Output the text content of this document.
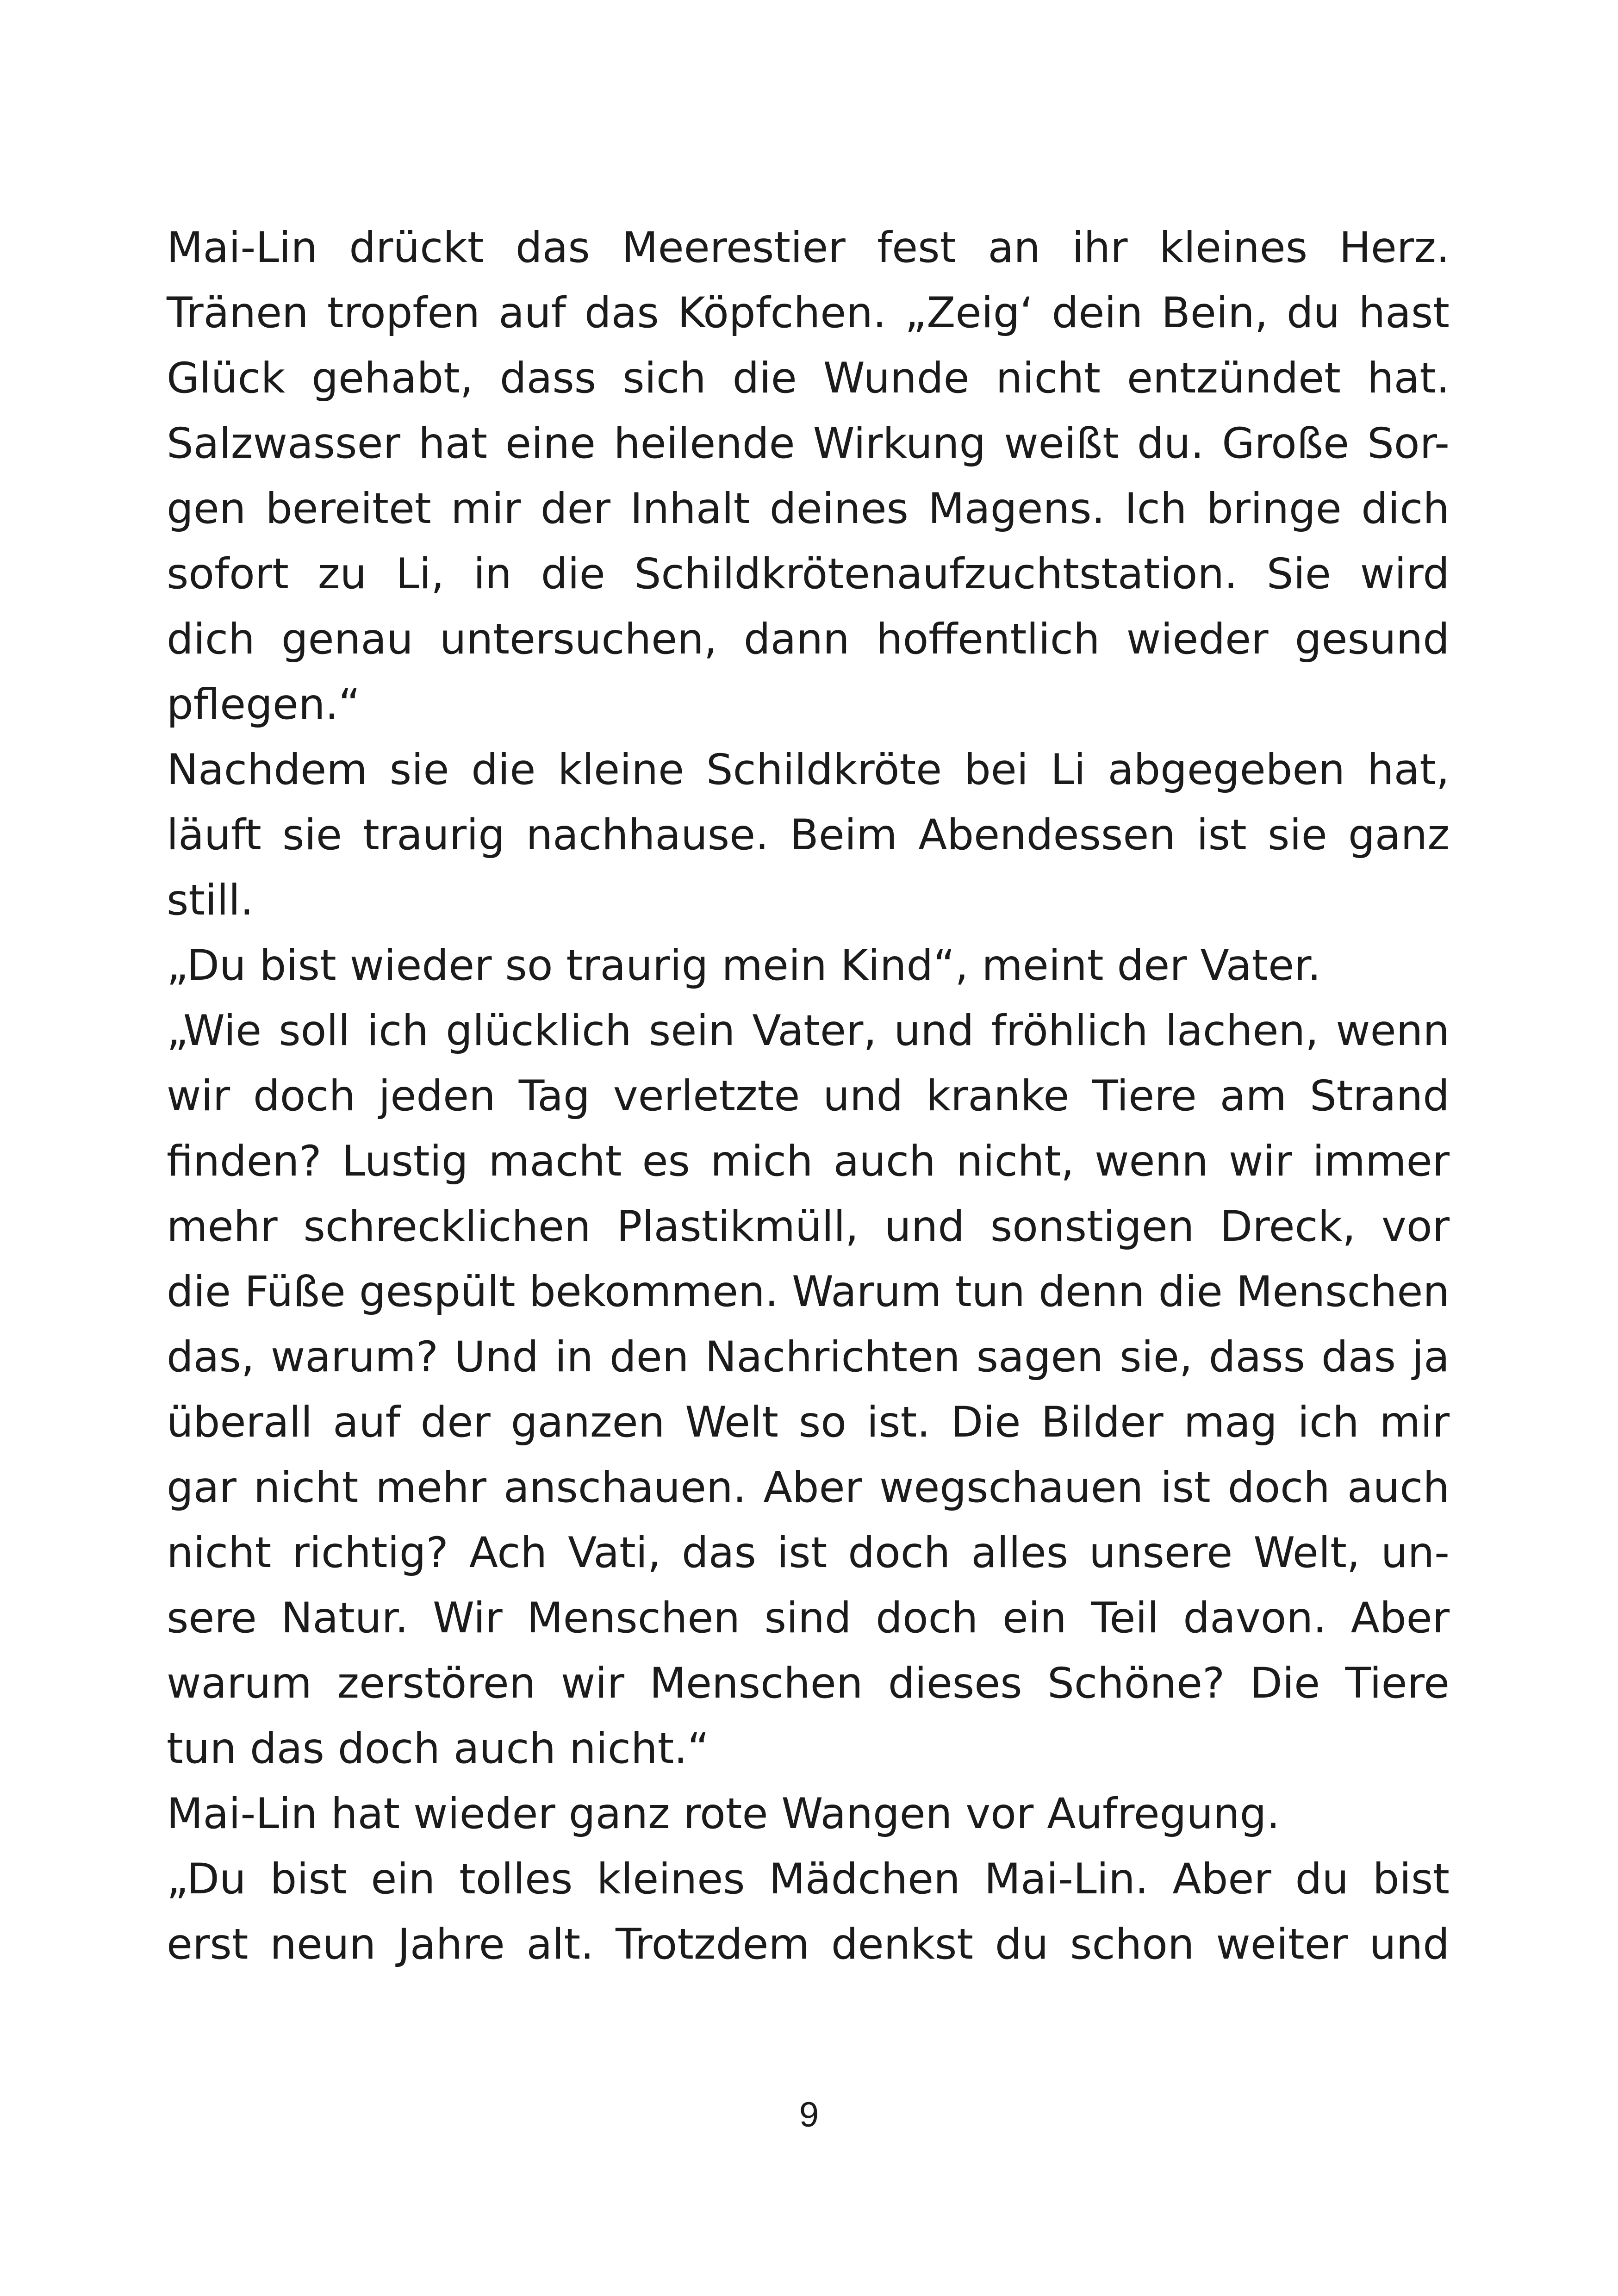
Mai-Lin drückt das Meerestier fest an ihr kleines Herz.
Tränen tropfen auf das Köpfchen. „Zeig‘ dein Bein, du hast
Glück gehabt, dass sich die Wunde nicht entzündet hat.
Salzwasser hat eine heilende Wirkung weißt du. Große Sor-
gen bereitet mir der Inhalt deines Magens. Ich bringe dich
sofort zu Li, in die Schildkrötenaufzuchtstation. Sie wird
dich genau untersuchen, dann hoffentlich wieder gesund
pflegen.“
Nachdem sie die kleine Schildkröte bei Li abgegeben hat,
läuft sie traurig nachhause. Beim Abendessen ist sie ganz
still.
„Du bist wieder so traurig mein Kind“, meint der Vater.
„Wie soll ich glücklich sein Vater, und fröhlich lachen, wenn
wir doch jeden Tag verletzte und kranke Tiere am Strand
finden? Lustig macht es mich auch nicht, wenn wir immer
mehr schrecklichen Plastikmüll, und sonstigen Dreck, vor
die Füße gespült bekommen. Warum tun denn die Menschen
das, warum? Und in den Nachrichten sagen sie, dass das ja
überall auf der ganzen Welt so ist. Die Bilder mag ich mir
gar nicht mehr anschauen. Aber wegschauen ist doch auch
nicht richtig? Ach Vati, das ist doch alles unsere Welt, un-
sere Natur. Wir Menschen sind doch ein Teil davon. Aber
warum zerstören wir Menschen dieses Schöne? Die Tiere
tun das doch auch nicht.“
Mai-Lin hat wieder ganz rote Wangen vor Aufregung.
„Du bist ein tolles kleines Mädchen Mai-Lin. Aber du bist
erst neun Jahre alt. Trotzdem denkst du schon weiter und
9
